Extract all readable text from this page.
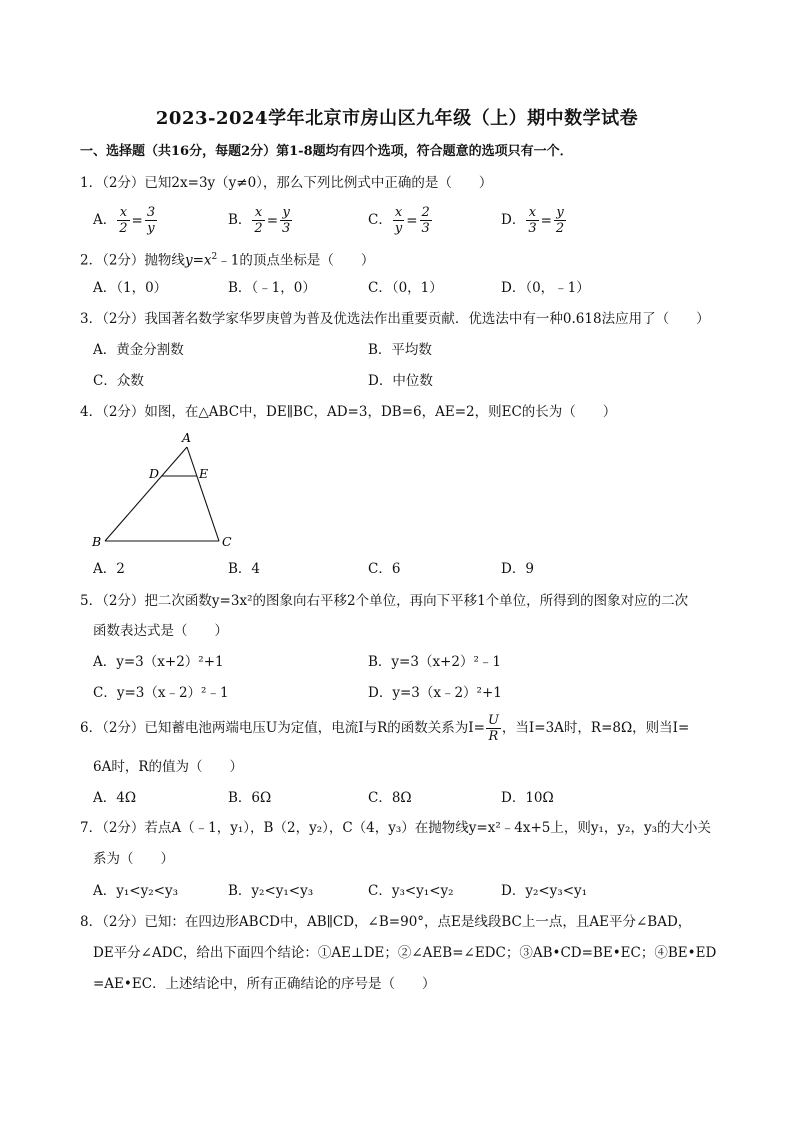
2023-2024学年北京市房山区九年级（上）期中数学试卷
一、选择题（共16分，每题2分）第1-8题均有四个选项，符合题意的选项只有一个．
1．（2分）已知2x=3y（y≠0），那么下列比例式中正确的是（　　）
A． $\frac{x}{2} = \frac{3}{y}$	B． $\frac{x}{2} = \frac{y}{3}$	C． $\frac{x}{y} = \frac{2}{3}$	D． $\frac{x}{3} = \frac{y}{2}$
2．（2分）抛物线$y=x^2﹣1$的顶点坐标是（　　）
A．（1，0）	B．（﹣1，0）	C．（0，1）	D．（0，﹣1）
3．（2分）我国著名数学家华罗庚曾为普及优选法作出重要贡献．优选法中有一种0.618法应用了（　　）
A．黄金分割数	B．平均数
C．众数	D．中位数
4．（2分）如图，在△ABC中，DE∥BC，AD=3，DB=6，AE=2，则EC的长为（　　）
A
D	E
B	C
A．2	B．4	C．6	D．9
5．（2分）把二次函数y=3x²的图象向右平移2个单位，再向下平移1个单位，所得到的图象对应的二次
函数表达式是（　　）
A．y=3（x+2）²+1	B．y=3（x+2）²﹣1
C．y=3（x﹣2）²﹣1	D．y=3（x﹣2）²+1
6．（2分）已知蓄电池两端电压U为定值，电流I与R的函数关系为$I= \frac{U}{R}$ ，当I=3A时，R=8Ω，则当I=
6A时，R的值为（　　）
A．4Ω	B．6Ω	C．8Ω	D．10Ω
7．（2分）若点A（﹣1，y₁），B（2，y₂），C（4，y₃）在抛物线y=x²﹣4x+5上，则y₁，y₂，y₃的大小关
系为（　　）
A．y₁<y₂<y₃	B．y₂<y₁<y₃	C．y₃<y₁<y₂	D．y₂<y₃<y₁
8．（2分）已知：在四边形ABCD中，AB∥CD，∠B=90°，点E是线段BC上一点，且AE平分∠BAD，
DE平分∠ADC，给出下面四个结论：①AE⊥DE；②∠AEB=∠EDC；③AB•CD=BE•EC；④BE•ED
=AE•EC．上述结论中，所有正确结论的序号是（　　）
